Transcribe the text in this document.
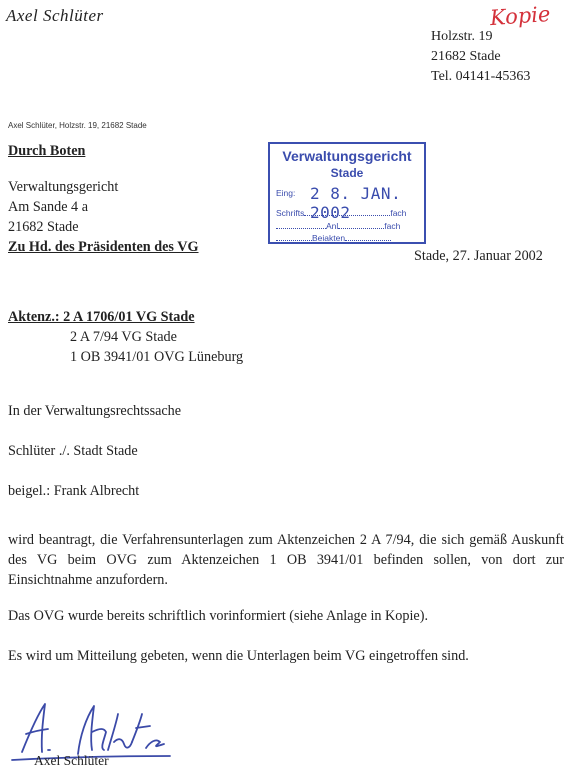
Axel Schlüter	Kopie
Holzstr. 19
21682 Stade
Tel. 04141-45363
Axel Schlüter, Holzstr. 19, 21682 Stade
Durch Boten
Verwaltungsgericht
Am Sande 4 a
21682 Stade
Zu Hd. des Präsidenten des VG
Verwaltungsgericht
Stade
Eing: 2 8. JAN. 2002
Schrifts	fach
Anl	fach
Beiakten
Stade, 27. Januar 2002
Aktenz.: 2 A 1706/01 VG Stade
2 A 7/94 VG Stade
1 OB 3941/01 OVG Lüneburg
In der Verwaltungsrechtssache
Schlüter ./. Stadt Stade
beigel.: Frank Albrecht
wird beantragt, die Verfahrensunterlagen zum Aktenzeichen 2 A 7/94, die sich gemäß Auskunft des VG beim OVG zum Aktenzeichen 1 OB 3941/01 befinden sollen, von dort zur Einsichtnahme anzufordern.
Das OVG wurde bereits schriftlich vorinformiert (siehe Anlage in Kopie).
Es wird um Mitteilung gebeten, wenn die Unterlagen beim VG eingetroffen sind.
Axel Schlüter
